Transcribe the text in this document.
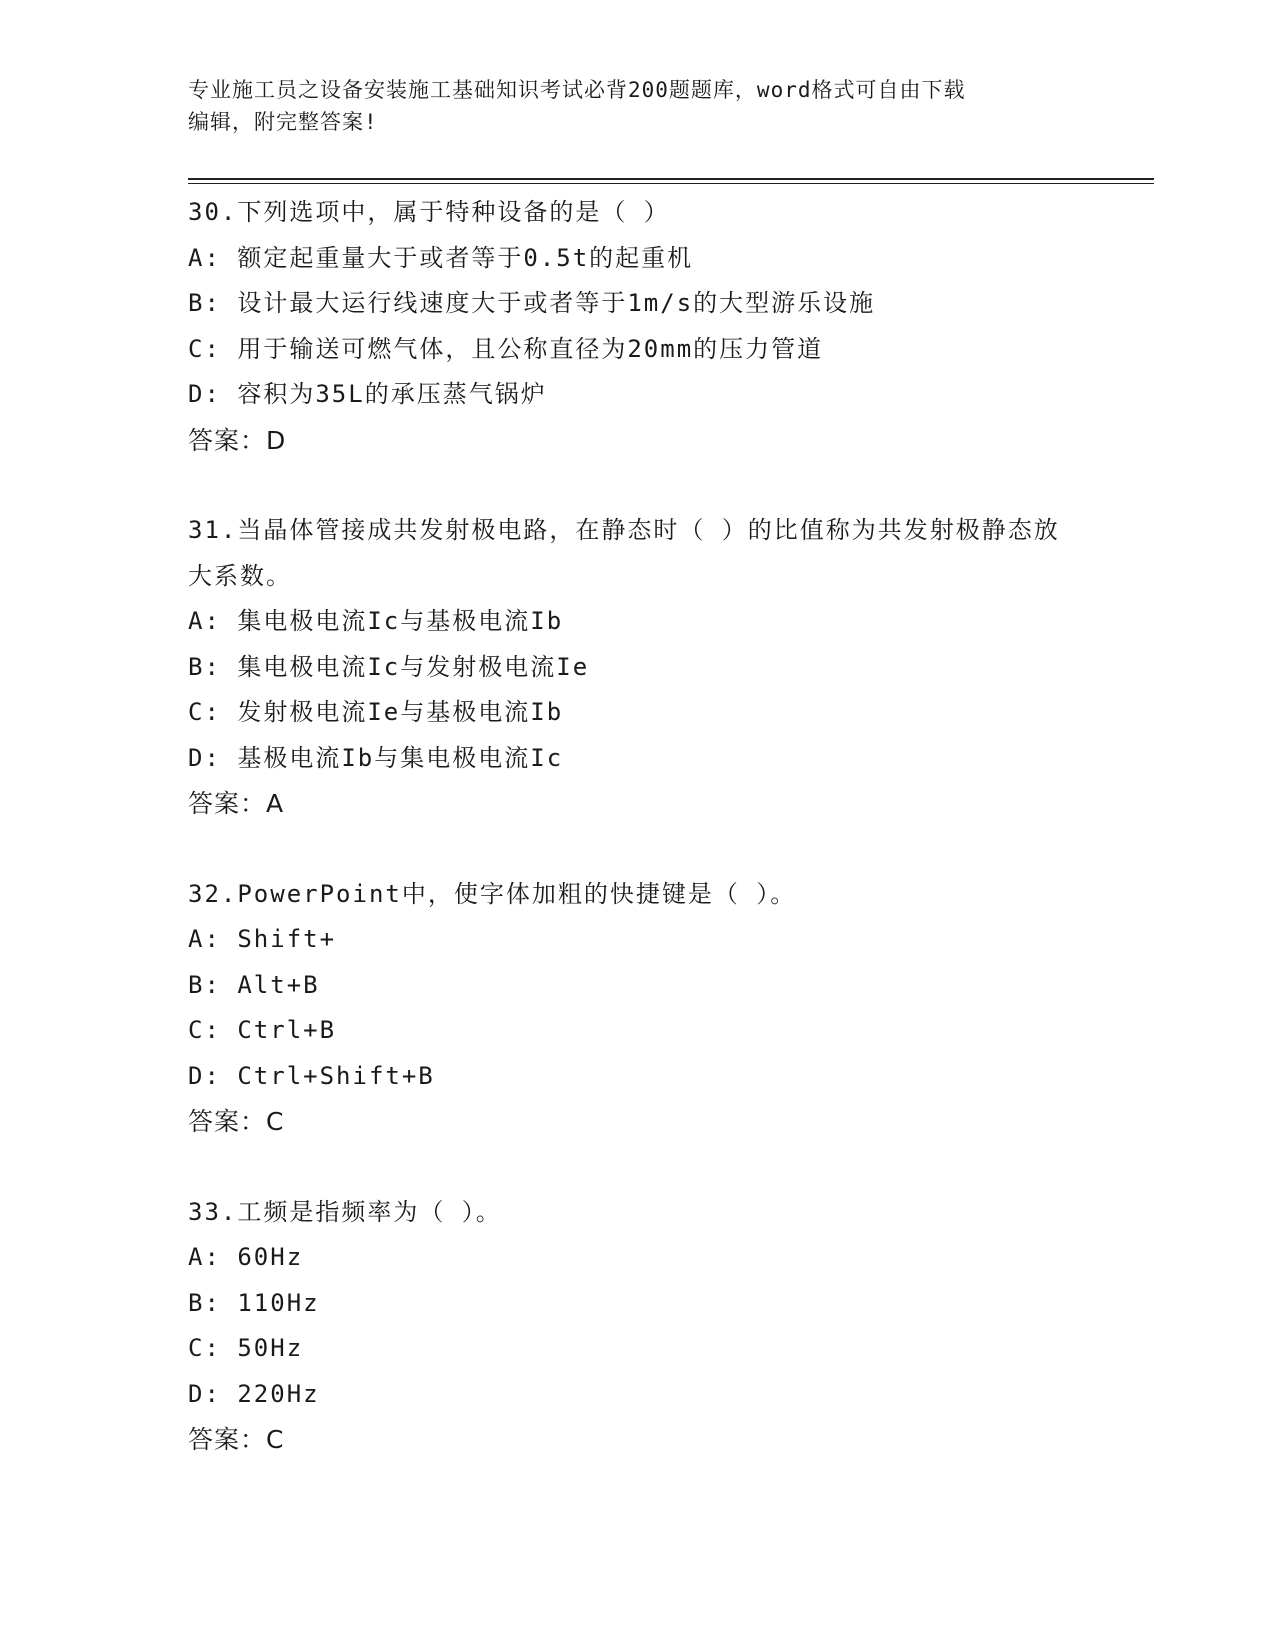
专业施工员之设备安装施工基础知识考试必背200题题库，word格式可自由下载
编辑，附完整答案!
30.下列选项中，属于特种设备的是（ ）
A: 额定起重量大于或者等于0.5t的起重机
B: 设计最大运行线速度大于或者等于1m/s的大型游乐设施
C: 用于输送可燃气体，且公称直径为20mm的压力管道
D: 容积为35L的承压蒸气锅炉
答案：D
31.当晶体管接成共发射极电路，在静态时（ ）的比值称为共发射极静态放大系数。
A: 集电极电流Ic与基极电流Ib
B: 集电极电流Ic与发射极电流Ie
C: 发射极电流Ie与基极电流Ib
D: 基极电流Ib与集电极电流Ic
答案：A
32.PowerPoint中，使字体加粗的快捷键是（ ）。
A: Shift+
B: Alt+B
C: Ctrl+B
D: Ctrl+Shift+B
答案：C
33.工频是指频率为（ ）。
A: 60Hz
B: 110Hz
C: 50Hz
D: 220Hz
答案：C
